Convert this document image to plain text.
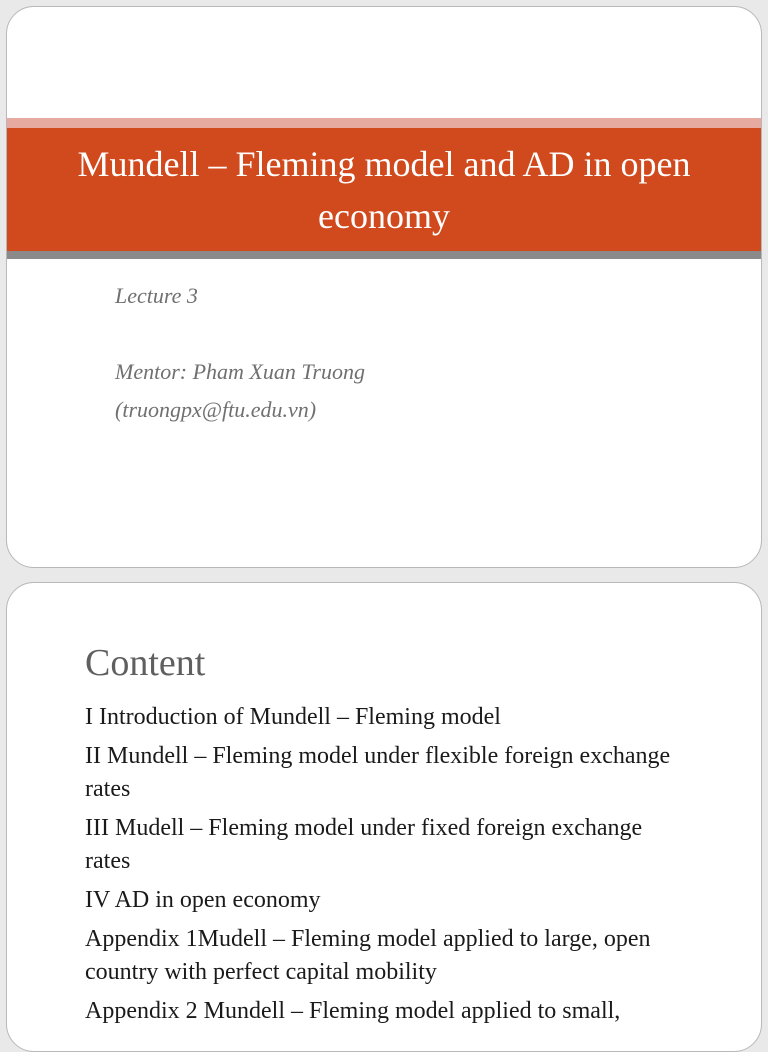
Mundell – Fleming model and AD in open economy
Lecture 3
Mentor: Pham Xuan Truong
(truongpx@ftu.edu.vn)
Content
I Introduction of Mundell – Fleming model
II Mundell – Fleming model under flexible foreign exchange rates
III Mudell – Fleming model under fixed foreign exchange rates
IV AD in open economy
Appendix 1Mudell – Fleming model applied to large, open country with perfect capital mobility
Appendix 2 Mundell – Fleming model applied to small,
